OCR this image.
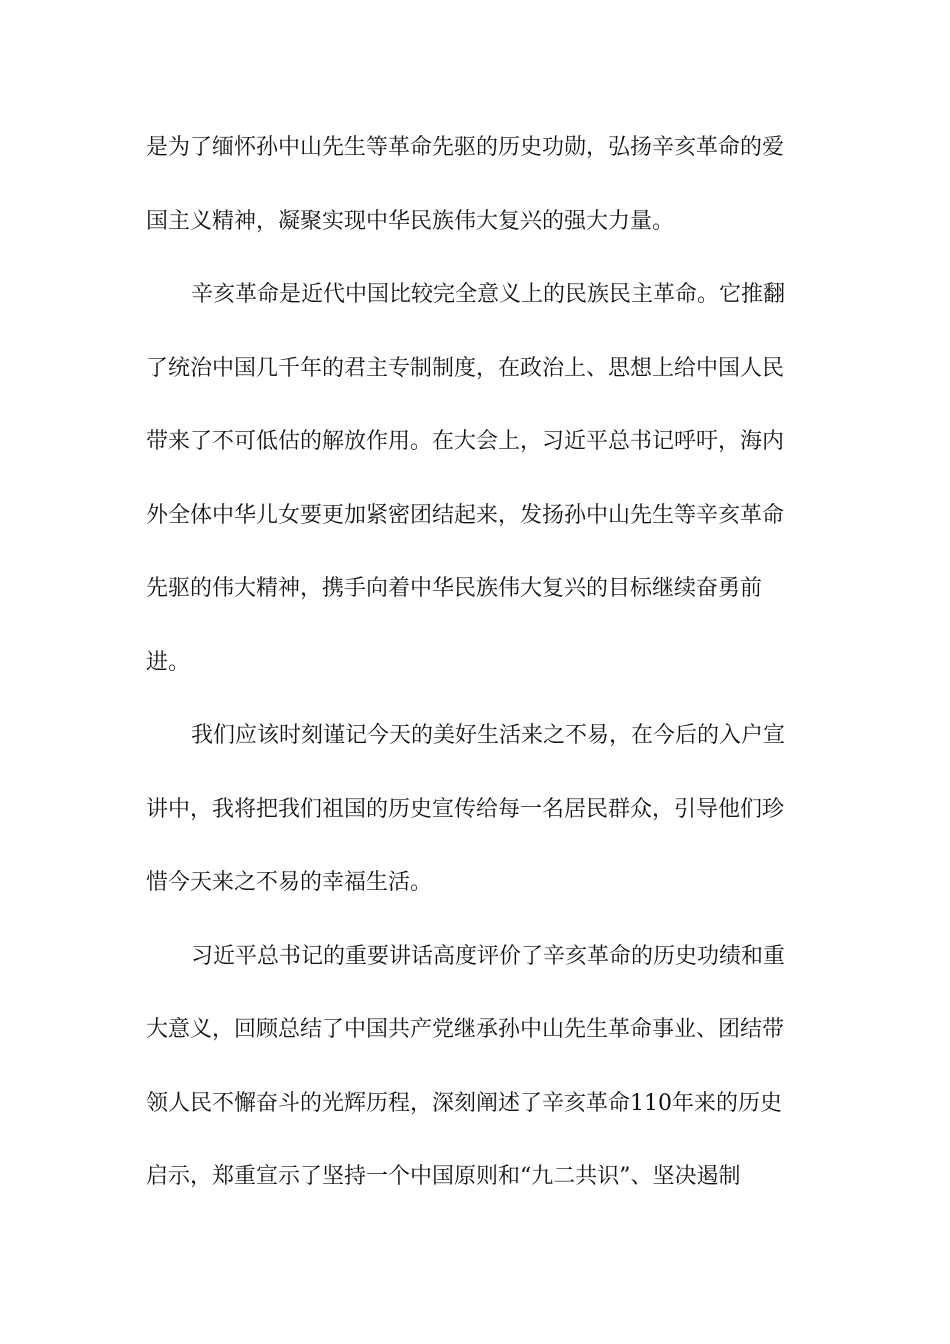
是为了缅怀孙中山先生等革命先驱的历史功勋，弘扬辛亥革命的爱
国主义精神，凝聚实现中华民族伟大复兴的强大力量。
辛亥革命是近代中国比较完全意义上的民族民主革命。它推翻
了统治中国几千年的君主专制制度，在政治上、思想上给中国人民
带来了不可低估的解放作用。在大会上，习近平总书记呼吁，海内
外全体中华儿女要更加紧密团结起来，发扬孙中山先生等辛亥革命
先驱的伟大精神，携手向着中华民族伟大复兴的目标继续奋勇前
进。
我们应该时刻谨记今天的美好生活来之不易，在今后的入户宣
讲中，我将把我们祖国的历史宣传给每一名居民群众，引导他们珍
惜今天来之不易的幸福生活。
习近平总书记的重要讲话高度评价了辛亥革命的历史功绩和重
大意义，回顾总结了中国共产党继承孙中山先生革命事业、团结带
领人民不懈奋斗的光辉历程，深刻阐述了辛亥革命110年来的历史
启示，郑重宣示了坚持一个中国原则和“九二共识”、坚决遏制
